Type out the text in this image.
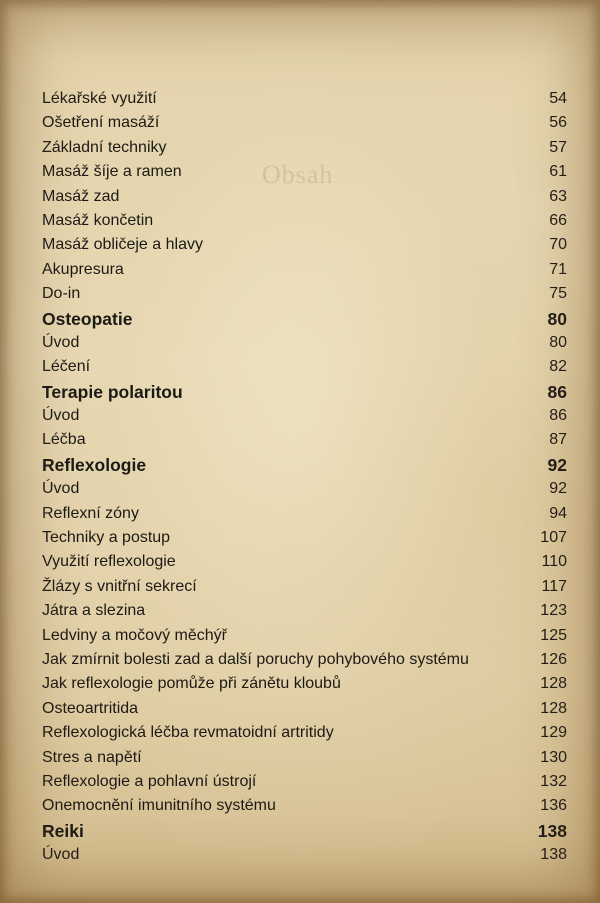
Obsah
Lékařské využití	54
Ošetření masáží	56
Základní techniky	57
Masáž šíje a ramen	61
Masáž zad	63
Masáž končetin	66
Masáž obličeje a hlavy	70
Akupresura	71
Do-in	75
Osteopatie	80
Úvod	80
Léčení	82
Terapie polaritou	86
Úvod	86
Léčba	87
Reflexologie	92
Úvod	92
Reflexní zóny	94
Techniky a postup	107
Využití reflexologie	110
Žlázy s vnitřní sekrecí	117
Játra a slezina	123
Ledviny a močový měchýř	125
Jak zmírnit bolesti zad a další poruchy pohybového systému	126
Jak reflexologie pomůže při zánětu kloubů	128
Osteoartritida	128
Reflexologická léčba revmatoidní artritidy	129
Stres a napětí	130
Reflexologie a pohlavní ústrojí	132
Onemocnění imunitního systému	136
Reiki	138
Úvod	138
